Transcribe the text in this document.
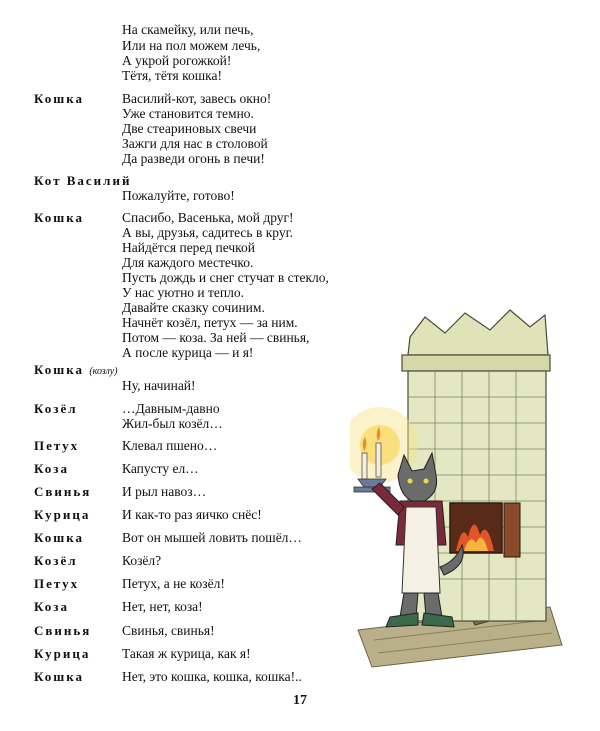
На скамейку, или печь,
Или на пол можем лечь,
А укрой рогожкой!
Тётя, тётя кошка!
Кошка	Василий-кот, завесь окно!
Уже становится темно.
Две стеариновых свечи
Зажги для нас в столовой
Да разведи огонь в печи!
Кот Василий
Пожалуйте, готово!
Кошка	Спасибо, Васенька, мой друг!
А вы, друзья, садитесь в круг.
Найдётся перед печкой
Для каждого местечко.
Пусть дождь и снег стучат в стекло,
У нас уютно и тепло.
Давайте сказку сочиним.
Начнёт козёл, петух — за ним.
Потом — коза. За ней — свинья,
А после курица — и я!
Кошка (козлу)
Ну, начинай!
Козёл	…Давным-давно
Жил-был козёл…
Петух	Клевал пшено…
Коза	Капусту ел…
Свинья И рыл навоз…
Курица И как-то раз яичко снёс!
Кошка	Вот он мышей ловить пошёл…
Козёл	Козёл?
Петух	Петух, а не козёл!
Коза	Нет, нет, коза!
Свинья Свинья, свинья!
Курица Такая ж курица, как я!
Кошка	Нет, это кошка, кошка, кошка!..
17
